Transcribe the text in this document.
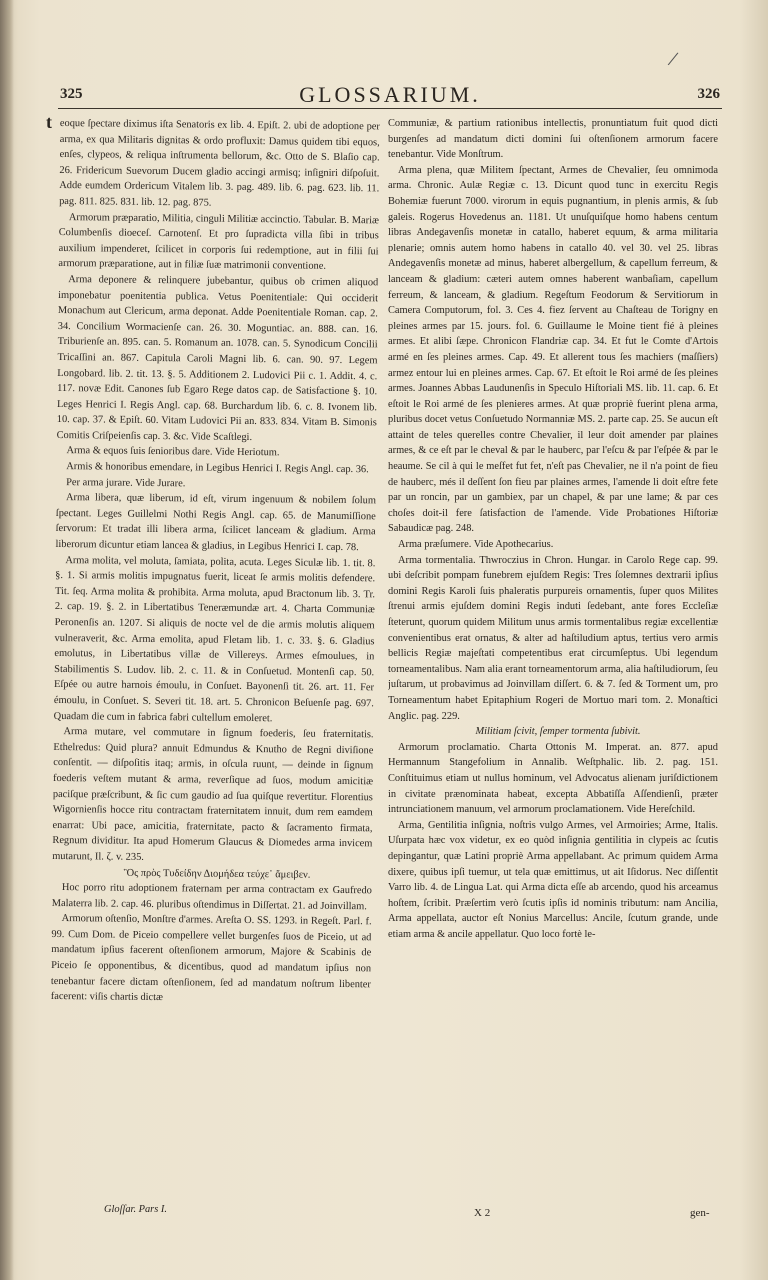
/
t
325	GLOSSARIUM.	326

eoque ſpectare diximus iſta Senatoris ex lib. 4. Epiſt. 2. ubi de adoptione per arma, ex qua Militaris dignitas & ordo profluxit: Damus quidem tibi equos, enſes, clypeos, & reliqua inſtrumenta bellorum, &c. Otto de S. Blaſio cap. 26. Fridericum Suevorum Ducem gladio accingi armisq; inſigniri diſpoſuit. Adde eumdem Ordericum Vitalem lib. 3. pag. 489. lib. 6. pag. 623. lib. 11. pag. 811. 825. 831. lib. 12. pag. 875.

Armorum præparatio, Militia, cinguli Militiæ accinctio. Tabular. B. Mariæ Columbenſis dioeceſ. Carnotenſ. Et pro ſupradicta villa ſibi in tribus auxilium impenderet, ſcilicet in corporis ſui redemptione, aut in filii ſui armorum præparatione, aut in filiæ ſuæ matrimonii conventione.

Arma deponere & relinquere jubebantur, quibus ob crimen aliquod imponebatur poenitentia publica. Vetus Poenitentiale: Qui occiderit Monachum aut Clericum, arma deponat. Adde Poenitentiale Roman. cap. 2. 34. Concilium Wormacienſe can. 26. 30. Moguntiac. an. 888. can. 16. Triburienſe an. 895. can. 5. Romanum an. 1078. can. 5. Synodicum Concilii Tricaſſini an. 867. Capitula Caroli Magni lib. 6. can. 90. 97. Legem Longobard. lib. 2. tit. 13. §. 5. Additionem 2. Ludovici Pii c. 1. Addit. 4. c. 117. novæ Edit. Canones ſub Egaro Rege datos cap. de Satisfactione §. 10. Leges Henrici I. Regis Angl. cap. 68. Burchardum lib. 6. c. 8. Ivonem lib. 10. cap. 37. & Epiſt. 60. Vitam Ludovici Pii an. 833. 834. Vitam B. Simonis Comitis Criſpeienſis cap. 3. &c. Vide Scaſtlegi.

Arma & equos ſuis ſenioribus dare. Vide Heriotum.

Armis & honoribus emendare, in Legibus Henrici I. Regis Angl. cap. 36.

Per arma jurare. Vide Jurare.

Arma libera, quæ liberum, id eſt, virum ingenuum & nobilem ſolum ſpectant. Leges Guillelmi Nothi Regis Angl. cap. 65. de Manumiſſione ſervorum: Et tradat illi libera arma, ſcilicet lanceam & gladium. Arma liberorum dicuntur etiam lancea & gladius, in Legibus Henrici I. cap. 78.

Arma molita, vel moluta, ſamiata, polita, acuta. Leges Siculæ lib. 1. tit. 8. §. 1. Si armis molitis impugnatus fuerit, liceat ſe armis molitis defendere. Tit. ſeq. Arma molita & prohibita. Arma moluta, apud Bractonum lib. 3. Tr. 2. cap. 19. §. 2. in Libertatibus Teneræmundæ art. 4. Charta Communiæ Peronenſis an. 1207. Si aliquis de nocte vel de die armis molutis aliquem vulneraverit, &c. Arma emolita, apud Fletam lib. 1. c. 33. §. 6. Gladius emolutus, in Libertatibus villæ de Villereys. Armes eſmoulues, in Stabilimentis S. Ludov. lib. 2. c. 11. & in Conſuetud. Montenſi cap. 50. Eſpée ou autre harnois émoulu, in Conſuet. Bayonenſi tit. 26. art. 11. Fer émoulu, in Conſuet. S. Severi tit. 18. art. 5. Chronicon Beſuenſe pag. 697. Quadam die cum in fabrica fabri cultellum emoleret.

Arma mutare, vel commutare in ſignum foederis, ſeu fraternitatis. Ethelredus: Quid plura? annuit Edmundus & Knutho de Regni diviſione conſentit. — diſpoſitis itaq; armis, in oſcula ruunt, — deinde in ſignum foederis veſtem mutant & arma, reverſique ad ſuos, modum amicitiæ paciſque præſcribunt, & ſic cum gaudio ad ſua quiſque revertitur. Florentius Wigornienſis hocce ritu contractam fraternitatem innuit, dum rem eamdem enarrat: Ubi pace, amicitia, fraternitate, pacto & ſacramento firmata, Regnum dividitur. Ita apud Homerum Glaucus & Diomedes arma invicem mutarunt, Il. ζ. v. 235.

Ὃς πρὸς Τυδείδην Διομήδεα τεύχε᾽ ἄμειβεν.

Hoc porro ritu adoptionem fraternam per arma contractam ex Gaufredo Malaterra lib. 2. cap. 46. pluribus oſtendimus in Diſſertat. 21. ad Joinvillam.

Armorum oſtenſio, Monſtre d'armes. Areſta O. SS. 1293. in Regeſt. Parl. f. 99. Cum Dom. de Piceio compellere vellet burgenſes ſuos de Piceio, ut ad mandatum ipſius facerent oſtenſionem armorum, Majore & Scabinis de Piceio ſe opponentibus, & dicentibus, quod ad mandatum ipſius non tenebantur facere dictam oſtenſionem, ſed ad mandatum noſtrum libenter facerent: viſis chartis dictæ

Communiæ, & partium rationibus intellectis, pronuntiatum fuit quod dicti burgenſes ad mandatum dicti domini ſui oſtenſionem armorum facere tenebantur. Vide Monſtrum.

Arma plena, quæ Militem ſpectant, Armes de Chevalier, ſeu omnimoda arma. Chronic. Aulæ Regiæ c. 13. Dicunt quod tunc in exercitu Regis Bohemiæ fuerunt 7000. virorum in equis pugnantium, in plenis armis, & ſub galeis. Rogerus Hovedenus an. 1181. Ut unuſquiſque homo habens centum libras Andegavenſis monetæ in catallo, haberet equum, & arma militaria plenarie; omnis autem homo habens in catallo 40. vel 30. vel 25. libras Andegavenſis monetæ ad minus, haberet albergellum, & capellum ferreum, & lanceam & gladium: cæteri autem omnes haberent wanbaſiam, capellum ferreum, & lanceam, & gladium. Regeſtum Feodorum & Servitiorum in Camera Computorum, fol. 3. Ces 4. fiez ſervent au Chaſteau de Torigny en pleines armes par 15. jours. fol. 6. Guillaume le Moine tient fié à pleines armes. Et alibi ſæpe. Chronicon Flandriæ cap. 34. Et fut le Comte d'Artois armé en ſes pleines armes. Cap. 49. Et allerent tous ſes machiers (maſſiers) armez entour lui en pleines armes. Cap. 67. Et eſtoit le Roi armé de ſes pleines armes. Joannes Abbas Laudunenſis in Speculo Hiſtoriali MS. lib. 11. cap. 6. Et eſtoit le Roi armé de ſes plenieres armes. At quæ propriè fuerint plena arma, pluribus docet vetus Conſuetudo Normanniæ MS. 2. parte cap. 25. Se aucun eſt attaint de teles querelles contre Chevalier, il leur doit amender par plaines armes, & ce eſt par le cheval & par le hauberc, par l'eſcu & par l'eſpée & par le heaume. Se cil à qui le meſfet fut fet, n'eſt pas Chevalier, ne il n'a point de fieu de hauberc, més il deſſent ſon fieu par plaines armes, l'amende li doit eſtre fete par un roncin, par un gambiex, par un chapel, & par une lame; & par ces choſes doit-il fere ſatisfaction de l'amende. Vide Probationes Hiſtoriæ Sabaudicæ pag. 248.

Arma præſumere. Vide Apothecarius.

Arma tormentalia. Thwroczius in Chron. Hungar. in Carolo Rege cap. 99. ubi deſcribit pompam funebrem ejuſdem Regis: Tres ſolemnes dextrarii ipſius domini Regis Karoli ſuis phaleratis purpureis ornamentis, ſuper quos Milites ſtrenui armis ejuſdem domini Regis induti ſedebant, ante fores Eccleſiæ ſteterunt, quorum quidem Militum unus armis tormentalibus regiæ excellentiæ convenientibus erat ornatus, & alter ad haſtiludium aptus, tertius vero armis bellicis Regiæ majeſtati competentibus erat circumſeptus. Ubi legendum torneamentalibus. Nam alia erant torneamentorum arma, alia haſtiludiorum, ſeu juſtarum, ut probavimus ad Joinvillam diſſert. 6. & 7. ſed & Torment um, pro Torneamentum habet Epitaphium Rogeri de Mortuo mari tom. 2. Monaſtici Anglic. pag. 229.

Militiam ſcivit, ſemper tormenta ſubivit.

Armorum proclamatio. Charta Ottonis M. Imperat. an. 877. apud Hermannum Stangefolium in Annalib. Weſtphalic. lib. 2. pag. 151. Conſtituimus etiam ut nullus hominum, vel Advocatus alienam juriſdictionem in civitate prænominata habeat, excepta Abbatiſſa Aſſendienſi, præter intrunciationem manuum, vel armorum proclamationem. Vide Hereſchild.

Arma, Gentilitia inſignia, noſtris vulgo Armes, vel Armoiries; Arme, Italis. Uſurpata hæc vox videtur, ex eo quòd inſignia gentilitia in clypeis ac ſcutis depingantur, quæ Latini propriè Arma appellabant. Ac primum quidem Arma dixere, quibus ipſi tuemur, ut tela quæ emittimus, ut ait Iſidorus. Nec diſſentit Varro lib. 4. de Lingua Lat. qui Arma dicta eſſe ab arcendo, quod his arceamus hoſtem, ſcribit. Præſertim verò ſcutis ipſis id nominis tributum: nam Ancilia, Arma appellata, auctor eſt Nonius Marcellus: Ancile, ſcutum grande, unde etiam arma & ancile appellatur. Quo loco fortè le-

Gloſſar. Pars I.	X 2	gen-
